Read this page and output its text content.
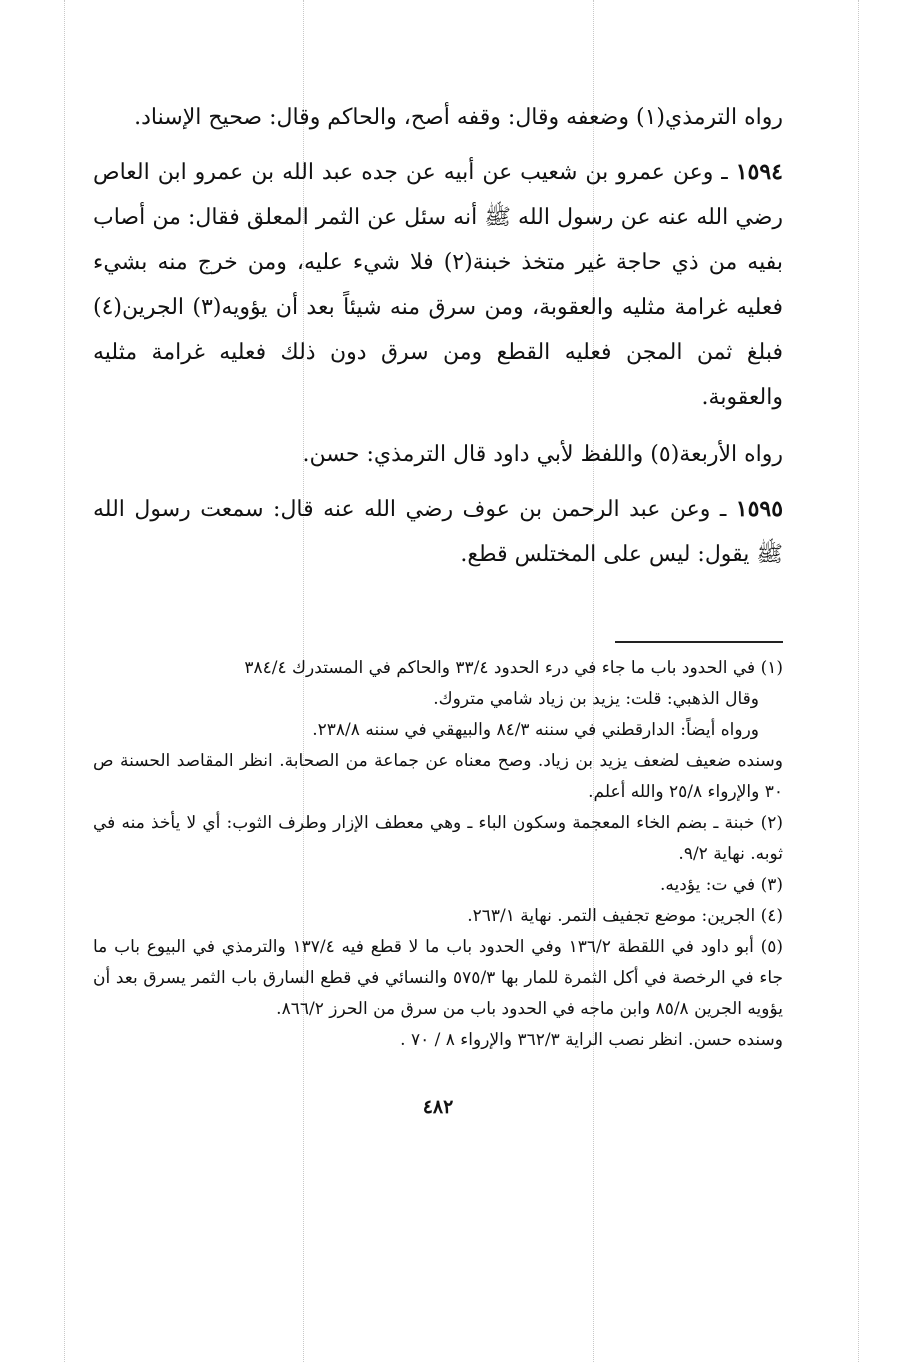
رواه الترمذي(١) وضعفه وقال: وقفه أصح، والحاكم وقال: صحيح الإسناد.

١٥٩٤ ـ وعن عمرو بن شعيب عن أبيه عن جده عبد الله بن عمرو ابن العاص رضي الله عنه عن رسول الله ﷺ أنه سئل عن الثمر المعلق فقال: من أصاب بفيه من ذي حاجة غير متخذ خبنة(٢) فلا شيء عليه، ومن خرج منه بشيء فعليه غرامة مثليه والعقوبة، ومن سرق منه شيئاً بعد أن يؤويه(٣) الجرين(٤) فبلغ ثمن المجن فعليه القطع ومن سرق دون ذلك فعليه غرامة مثليه والعقوبة.

رواه الأربعة(٥) واللفظ لأبي داود قال الترمذي: حسن.

١٥٩٥ ـ وعن عبد الرحمن بن عوف رضي الله عنه قال: سمعت رسول الله ﷺ يقول: ليس على المختلس قطع.

(١) في الحدود باب ما جاء في درء الحدود ٣٣/٤ والحاكم في المستدرك ٣٨٤/٤

وقال الذهبي: قلت: يزيد بن زياد شامي متروك.

ورواه أيضاً: الدارقطني في سننه ٨٤/٣ والبيهقي في سننه ٢٣٨/٨.

وسنده ضعيف لضعف يزيد بن زياد. وصح معناه عن جماعة من الصحابة. انظر المقاصد الحسنة ص ٣٠ والإرواء ٢٥/٨ والله أعلم.

(٢) خبنة ـ بضم الخاء المعجمة وسكون الباء ـ وهي معطف الإزار وطرف الثوب: أي لا يأخذ منه في ثوبه. نهاية ٩/٢.

(٣) في ت: يؤديه.

(٤) الجرين: موضع تجفيف التمر. نهاية ٢٦٣/١.

(٥) أبو داود في اللقطة ١٣٦/٢ وفي الحدود باب ما لا قطع فيه ١٣٧/٤ والترمذي في البيوع باب ما جاء في الرخصة في أكل الثمرة للمار بها ٥٧٥/٣ والنسائي في قطع السارق باب الثمر يسرق بعد أن يؤويه الجرين ٨٥/٨ وابن ماجه في الحدود باب من سرق من الحرز ٨٦٦/٢.

وسنده حسن. انظر نصب الراية ٣٦٢/٣ والإرواء ٨ / ٧٠ .

٤٨٢
